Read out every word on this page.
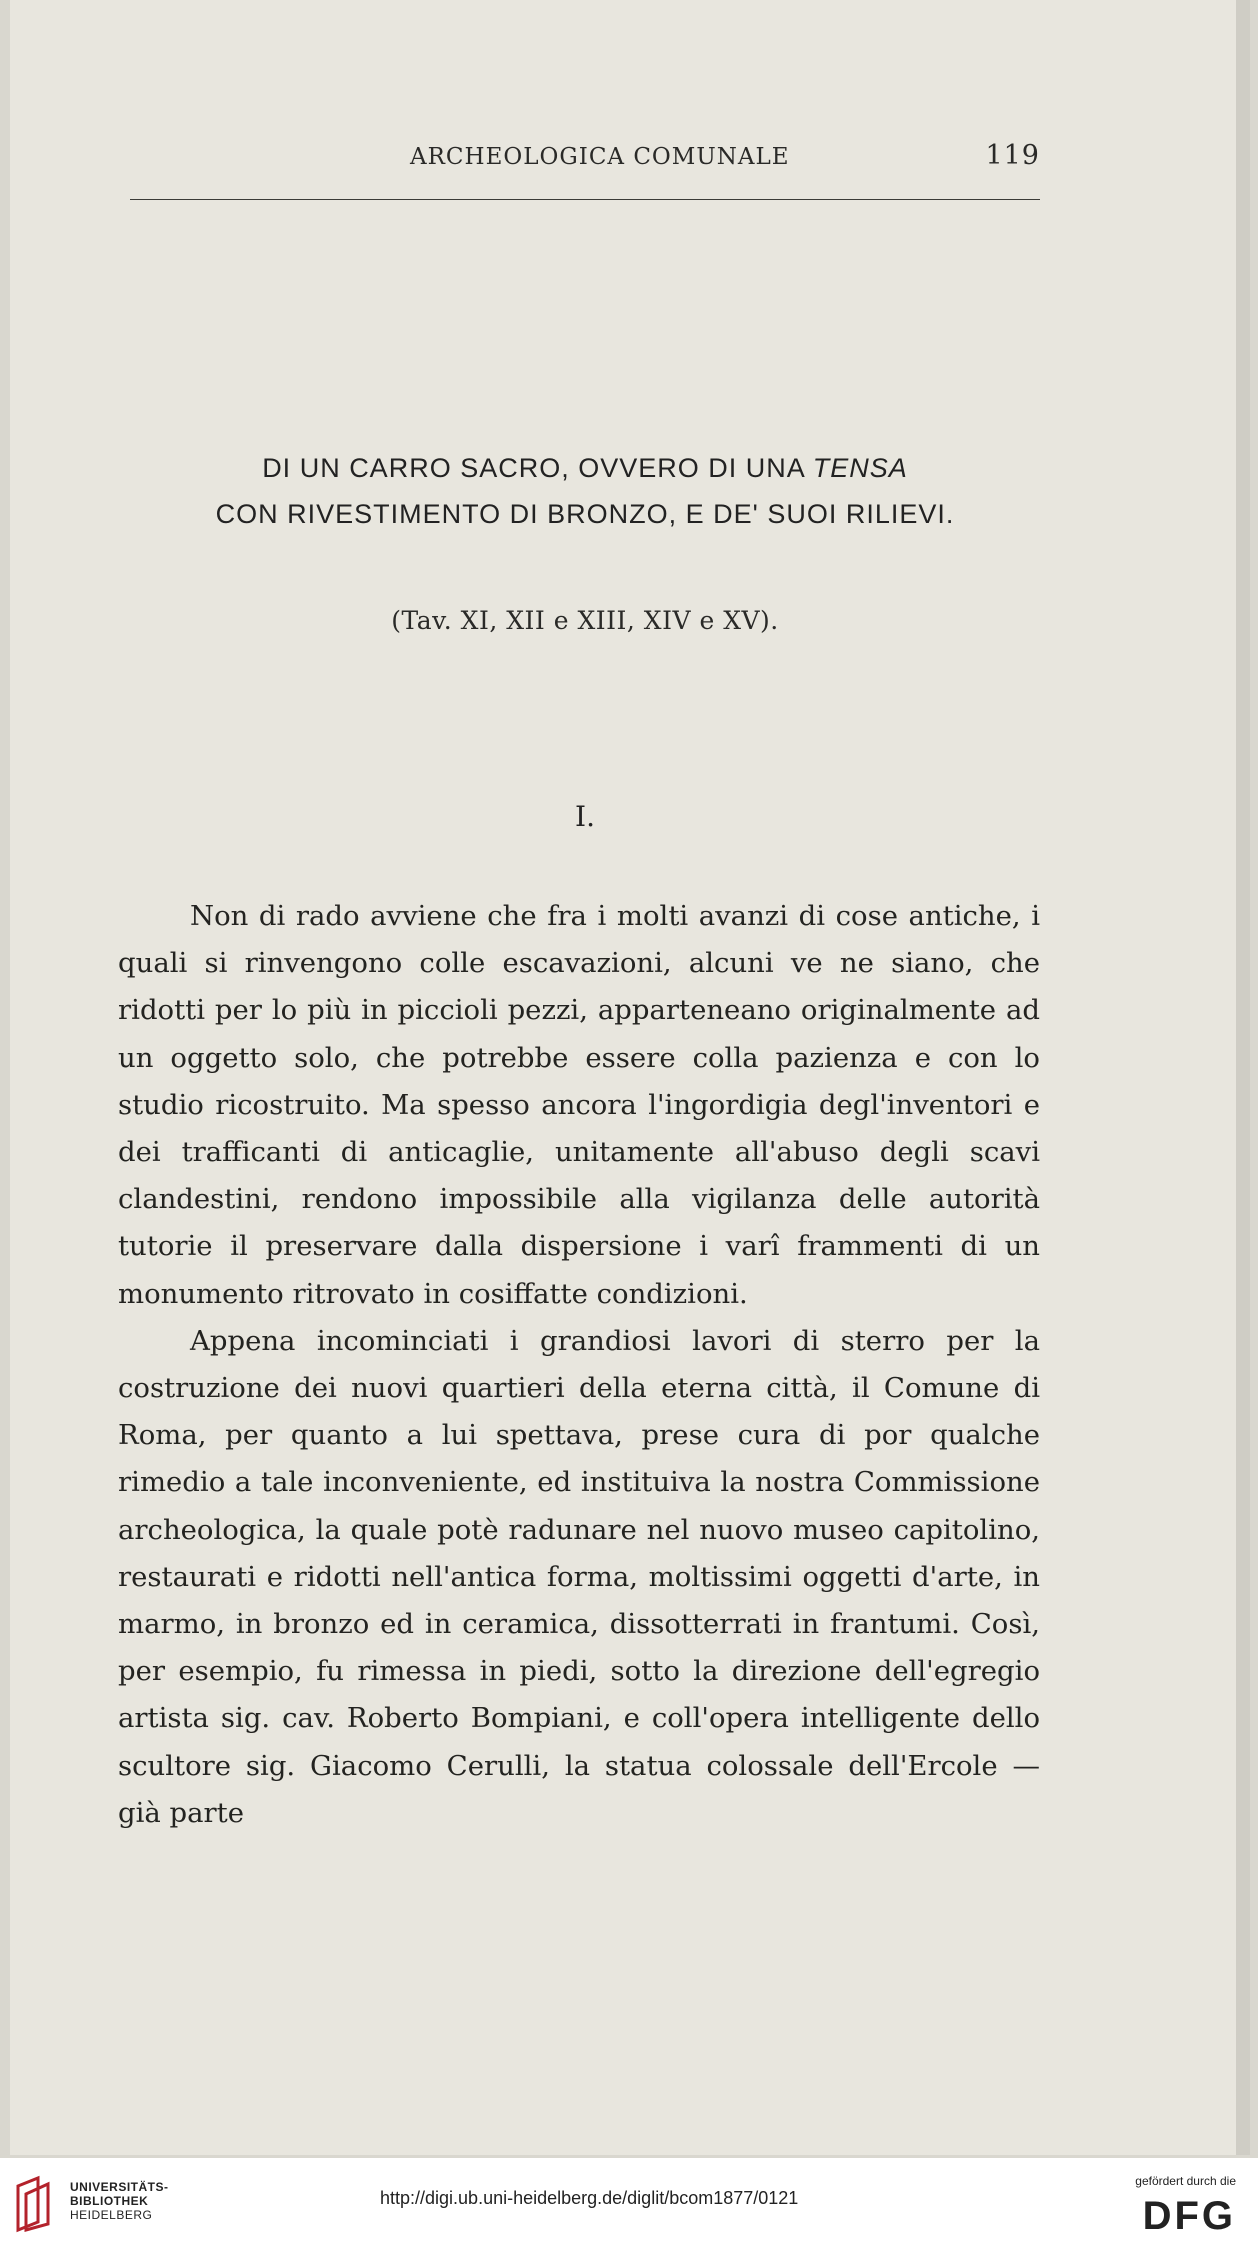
ARCHEOLOGICA COMUNALE	119
DI UN CARRO SACRO, OVVERO DI UNA TENSA
CON RIVESTIMENTO DI BRONZO, E DE' SUOI RILIEVI.
(Tav. XI, XII e XIII, XIV e XV).
I.

Non di rado avviene che fra i molti avanzi di cose antiche, i quali si rinvengono colle escavazioni, alcuni ve ne siano, che ridotti per lo più in piccioli pezzi, apparteneano originalmente ad un oggetto solo, che potrebbe essere colla pazienza e con lo studio ricostruito. Ma spesso ancora l'ingordigia degl'inventori e dei trafficanti di anticaglie, unitamente all'abuso degli scavi clandestini, rendono impossibile alla vigilanza delle autorità tutorie il preservare dalla dispersione i varî frammenti di un monumento ritrovato in cosiffatte condizioni.

Appena incominciati i grandiosi lavori di sterro per la costruzione dei nuovi quartieri della eterna città, il Comune di Roma, per quanto a lui spettava, prese cura di por qualche rimedio a tale inconveniente, ed instituiva la nostra Commissione archeologica, la quale potè radunare nel nuovo museo capitolino, restaurati e ridotti nell'antica forma, moltissimi oggetti d'arte, in marmo, in bronzo ed in ceramica, dissotterrati in frantumi. Così, per esempio, fu rimessa in piedi, sotto la direzione dell'egregio artista sig. cav. Roberto Bompiani, e coll'opera intelligente dello scultore sig. Giacomo Cerulli, la statua colossale dell'Ercole — già parte

UNIVERSITÄTS-
BIBLIOTHEK
HEIDELBERG
http://digi.ub.uni-heidelberg.de/diglit/bcom1877/0121
gefördert durch die
DFG
